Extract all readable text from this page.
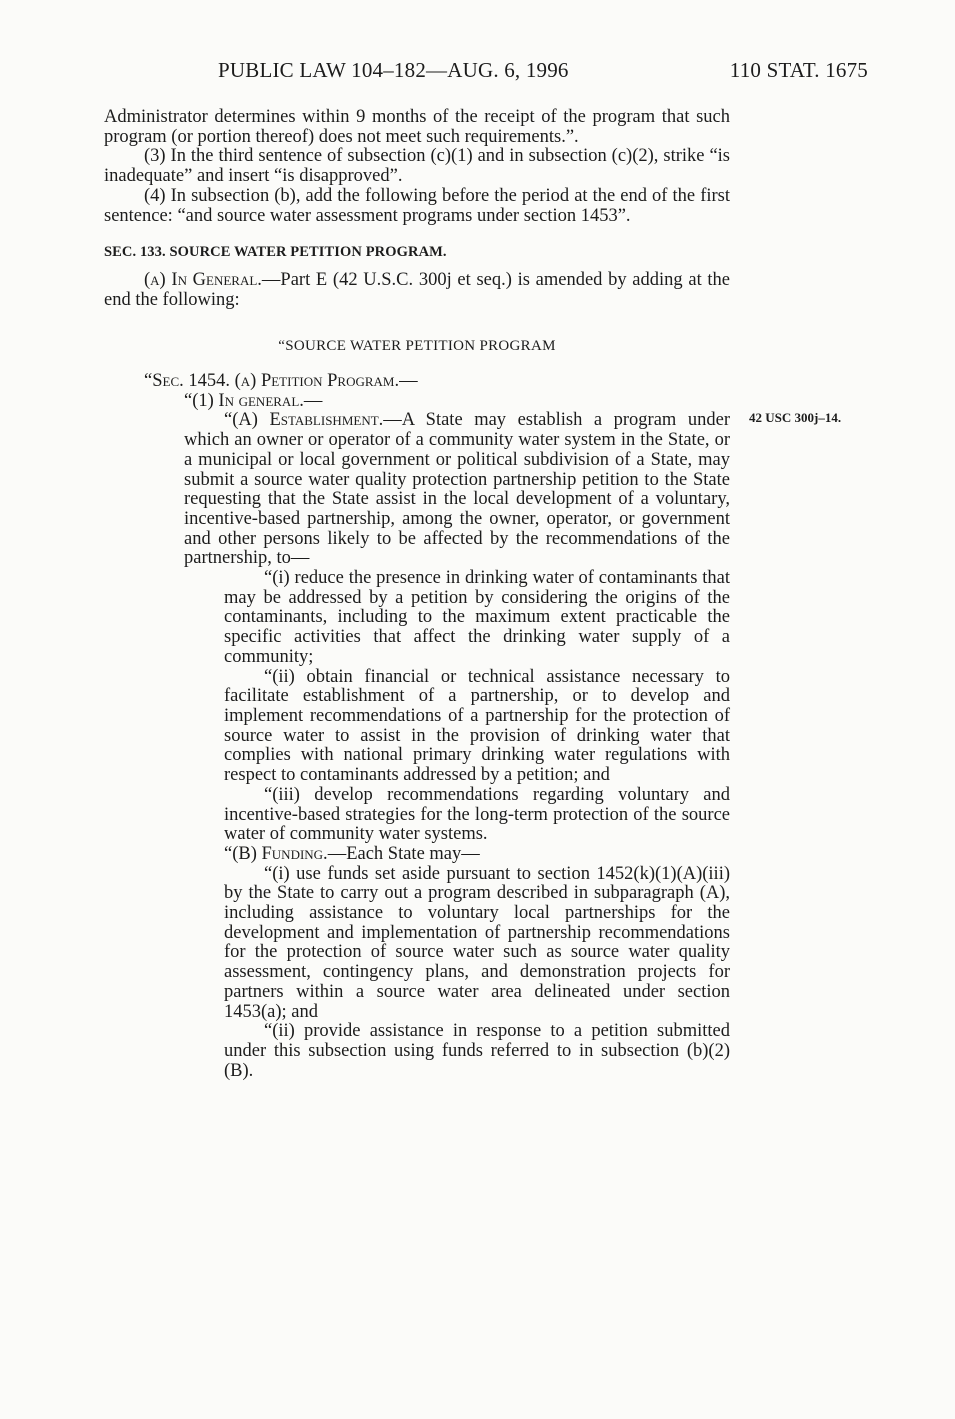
PUBLIC LAW 104–182—AUG. 6, 1996	110 STAT. 1675
42 USC 300j–14.

Administrator determines within 9 months of the receipt of the program that such program (or portion thereof) does not meet such requirements.”.

(3) In the third sentence of subsection (c)(1) and in subsection (c)(2), strike “is inadequate” and insert “is disapproved”.

(4) In subsection (b), add the following before the period at the end of the first sentence: “and source water assessment programs under section 1453”.

SEC. 133. SOURCE WATER PETITION PROGRAM.

(a) In General.—Part E (42 U.S.C. 300j et seq.) is amended by adding at the end the following:

“SOURCE WATER PETITION PROGRAM

“Sec. 1454. (a) Petition Program.—

“(1) In general.—

“(A) Establishment.—A State may establish a program under which an owner or operator of a community water system in the State, or a municipal or local government or political subdivision of a State, may submit a source water quality protection partnership petition to the State requesting that the State assist in the local development of a voluntary, incentive-based partnership, among the owner, operator, or government and other persons likely to be affected by the recommendations of the partnership, to—

“(i) reduce the presence in drinking water of contaminants that may be addressed by a petition by considering the origins of the contaminants, including to the maximum extent practicable the specific activities that affect the drinking water supply of a community;

“(ii) obtain financial or technical assistance necessary to facilitate establishment of a partnership, or to develop and implement recommendations of a partnership for the protection of source water to assist in the provision of drinking water that complies with national primary drinking water regulations with respect to contaminants addressed by a petition; and

“(iii) develop recommendations regarding voluntary and incentive-based strategies for the long-term protection of the source water of community water systems.

“(B) Funding.—Each State may—

“(i) use funds set aside pursuant to section 1452(k)(1)(A)(iii) by the State to carry out a program described in subparagraph (A), including assistance to voluntary local partnerships for the development and implementation of partnership recommendations for the protection of source water such as source water quality assessment, contingency plans, and demonstration projects for partners within a source water area delineated under section 1453(a); and

“(ii) provide assistance in response to a petition submitted under this subsection using funds referred to in subsection (b)(2)(B).
